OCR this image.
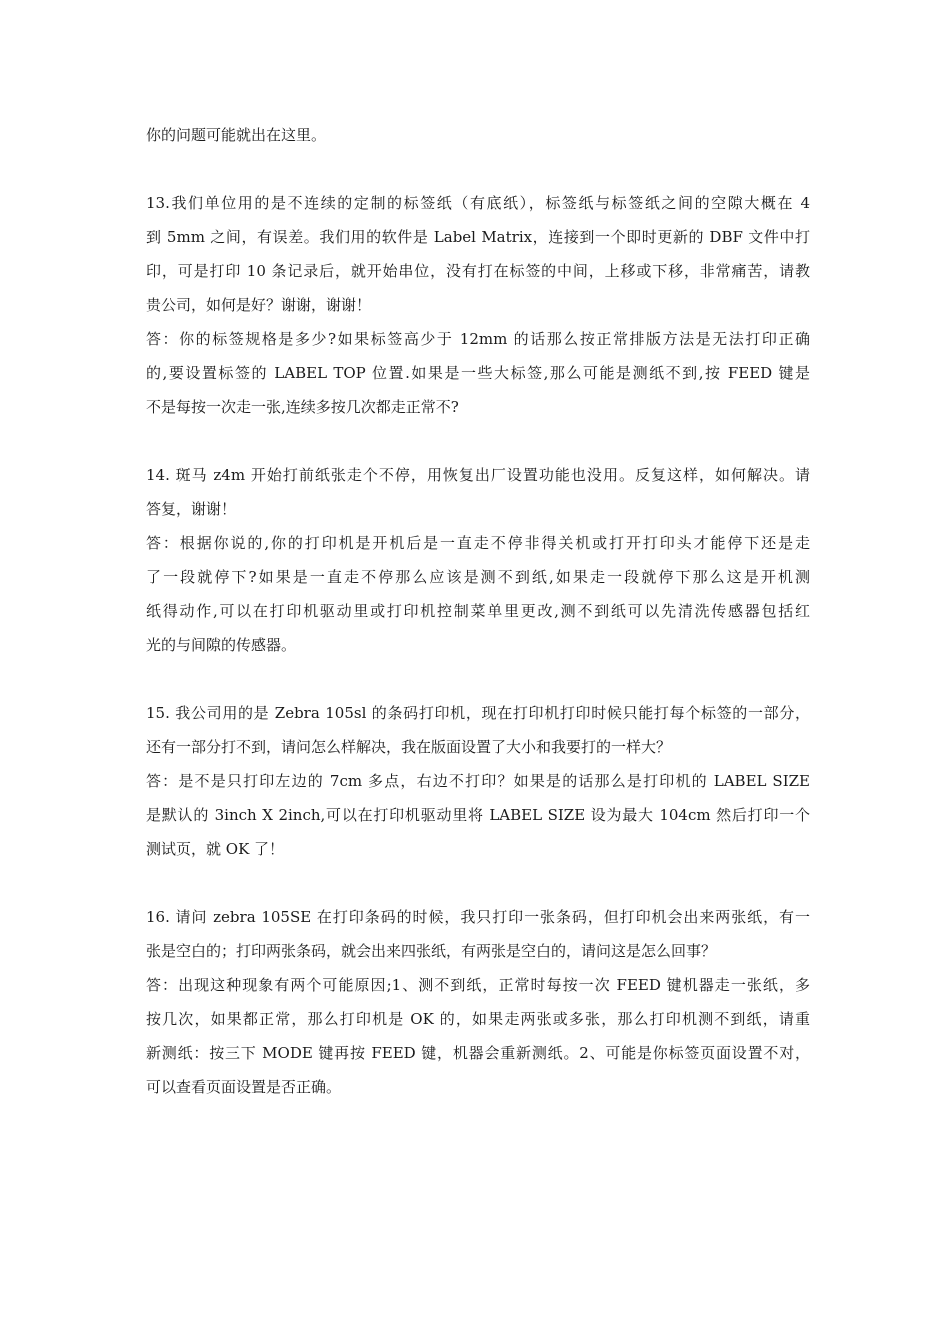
你的问题可能就出在这里。
13.我们单位用的是不连续的定制的标签纸（有底纸），标签纸与标签纸之间的空隙大概在 4
到 5mm 之间，有误差。我们用的软件是 Label Matrix，连接到一个即时更新的 DBF 文件中打
印，可是打印 10 条记录后，就开始串位，没有打在标签的中间，上移或下移，非常痛苦，请教
贵公司，如何是好？谢谢，谢谢！
答：你的标签规格是多少?如果标签高少于 12mm 的话那么按正常排版方法是无法打印正确
的,要设置标签的 LABEL TOP 位置.如果是一些大标签,那么可能是测纸不到,按 FEED 键是
不是每按一次走一张,连续多按几次都走正常不?
14. 斑马 z4m 开始打前纸张走个不停，用恢复出厂设置功能也没用。反复这样，如何解决。请
答复，谢谢！
答：根据你说的,你的打印机是开机后是一直走不停非得关机或打开打印头才能停下还是走
了一段就停下?如果是一直走不停那么应该是测不到纸,如果走一段就停下那么这是开机测
纸得动作,可以在打印机驱动里或打印机控制菜单里更改,测不到纸可以先清洗传感器包括红
光的与间隙的传感器。
15. 我公司用的是 Zebra 105sl 的条码打印机，现在打印机打印时候只能打每个标签的一部分，
还有一部分打不到，请问怎么样解决，我在版面设置了大小和我要打的一样大？
答：是不是只打印左边的 7cm 多点，右边不打印？如果是的话那么是打印机的 LABEL SIZE
是默认的 3inch X 2inch,可以在打印机驱动里将 LABEL SIZE 设为最大 104cm 然后打印一个
测试页，就 OK 了！
16. 请问 zebra 105SE 在打印条码的时候，我只打印一张条码，但打印机会出来两张纸，有一
张是空白的；打印两张条码，就会出来四张纸，有两张是空白的，请问这是怎么回事？
答：出现这种现象有两个可能原因;1、测不到纸，正常时每按一次 FEED 键机器走一张纸，多
按几次，如果都正常，那么打印机是 OK 的，如果走两张或多张，那么打印机测不到纸，请重
新测纸：按三下 MODE 键再按 FEED 键，机器会重新测纸。2、可能是你标签页面设置不对，
可以查看页面设置是否正确。
